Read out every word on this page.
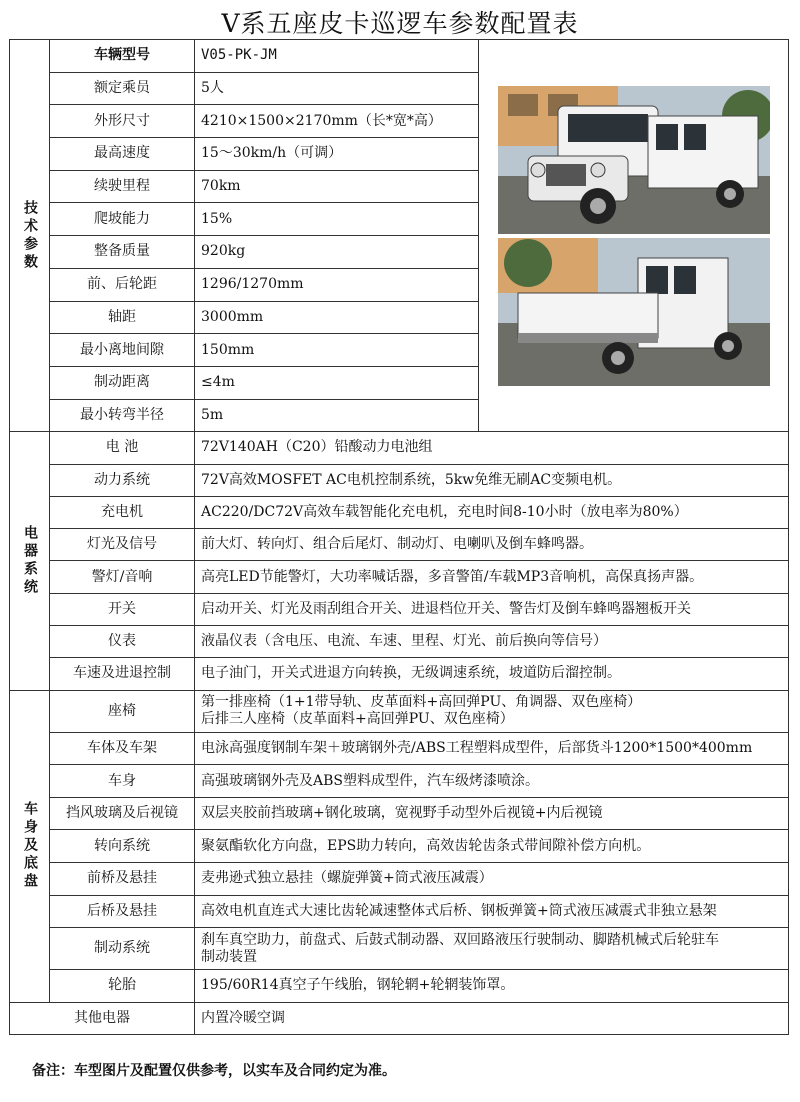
V系五座皮卡巡逻车参数配置表
技术参数	车辆型号	V05-PK-JM	

	额定乘员	5人	
	外形尺寸	4210×1500×2170mm（长*宽*高）	
	最高速度	15～30km/h（可调）	
	续驶里程	70km	
	爬坡能力	15%	
	整备质量	920kg	
	前、后轮距	1296/1270mm	
	轴距	3000mm	
	最小离地间隙	150mm	
	制动距离	≤4m	
	最小转弯半径	5m	

电器系统	电 池	72V140AH（C20）铅酸动力电池组	

	动力系统	72V高效MOSFET AC电机控制系统，5kw免维无刷AC变频电机。	

	充电机	AC220/DC72V高效车载智能化充电机，充电时间8-10小时（放电率为80%）	

	灯光及信号	前大灯、转向灯、组合后尾灯、制动灯、电喇叭及倒车蜂鸣器。	

	警灯/音响	高亮LED节能警灯，大功率喊话器，多音警笛/车载MP3音响机，高保真扬声器。	

	开关	启动开关、灯光及雨刮组合开关、进退档位开关、警告灯及倒车蜂鸣器翘板开关	

	仪表	液晶仪表（含电压、电流、车速、里程、灯光、前后换向等信号）	

	车速及进退控制	电子油门，开关式进退方向转换，无级调速系统，坡道防后溜控制。	

车身及底盘	座椅	第一排座椅（1+1带导轨、皮革面料+高回弹PU、角调器、双色座椅）
后排三人座椅（皮革面料+高回弹PU、双色座椅）	

	车体及车架	电泳高强度钢制车架＋玻璃钢外壳/ABS工程塑料成型件，后部货斗1200*1500*400mm	

	车身	高强玻璃钢外壳及ABS塑料成型件，汽车级烤漆喷涂。	

	挡风玻璃及后视镜	双层夹胶前挡玻璃+钢化玻璃，宽视野手动型外后视镜+内后视镜	

	转向系统	聚氨酯软化方向盘，EPS助力转向，高效齿轮齿条式带间隙补偿方向机。	

	前桥及悬挂	麦弗逊式独立悬挂（螺旋弹簧+筒式液压减震）	

	后桥及悬挂	高效电机直连式大速比齿轮减速整体式后桥、钢板弹簧+筒式液压减震式非独立悬架	

	制动系统	刹车真空助力，前盘式、后鼓式制动器、双回路液压行驶制动、脚踏机械式后轮驻车
制动装置	

	轮胎	195/60R14真空子午线胎，钢轮辋+轮辋装饰罩。	

其他电器		内置冷暖空调	
备注：车型图片及配置仅供参考，以实车及合同约定为准。
